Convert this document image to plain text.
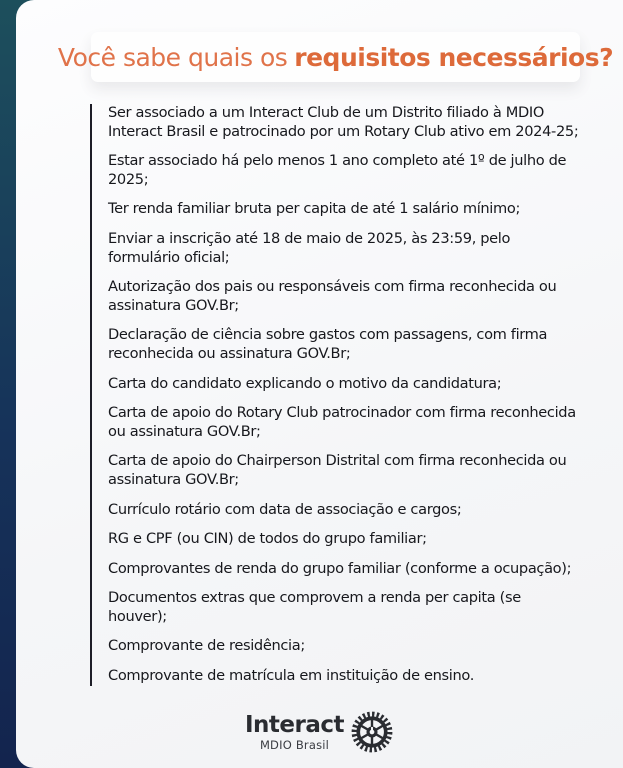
Você sabe quais os requisitos necessários?
Ser associado a um Interact Club de um Distrito filiado à MDIO Interact Brasil e patrocinado por um Rotary Club ativo em 2024-25;
Estar associado há pelo menos 1 ano completo até 1º de julho de 2025;
Ter renda familiar bruta per capita de até 1 salário mínimo;
Enviar a inscrição até 18 de maio de 2025, às 23:59, pelo formulário oficial;
Autorização dos pais ou responsáveis com firma reconhecida ou assinatura GOV.Br;
Declaração de ciência sobre gastos com passagens, com firma reconhecida ou assinatura GOV.Br;
Carta do candidato explicando o motivo da candidatura;
Carta de apoio do Rotary Club patrocinador com firma reconhecida ou assinatura GOV.Br;
Carta de apoio do Chairperson Distrital com firma reconhecida ou assinatura GOV.Br;
Currículo rotário com data de associação e cargos;
RG e CPF (ou CIN) de todos do grupo familiar;
Comprovantes de renda do grupo familiar (conforme a ocupação);
Documentos extras que comprovem a renda per capita (se houver);
Comprovante de residência;
Comprovante de matrícula em instituição de ensino.
Interact
MDIO Brasil
